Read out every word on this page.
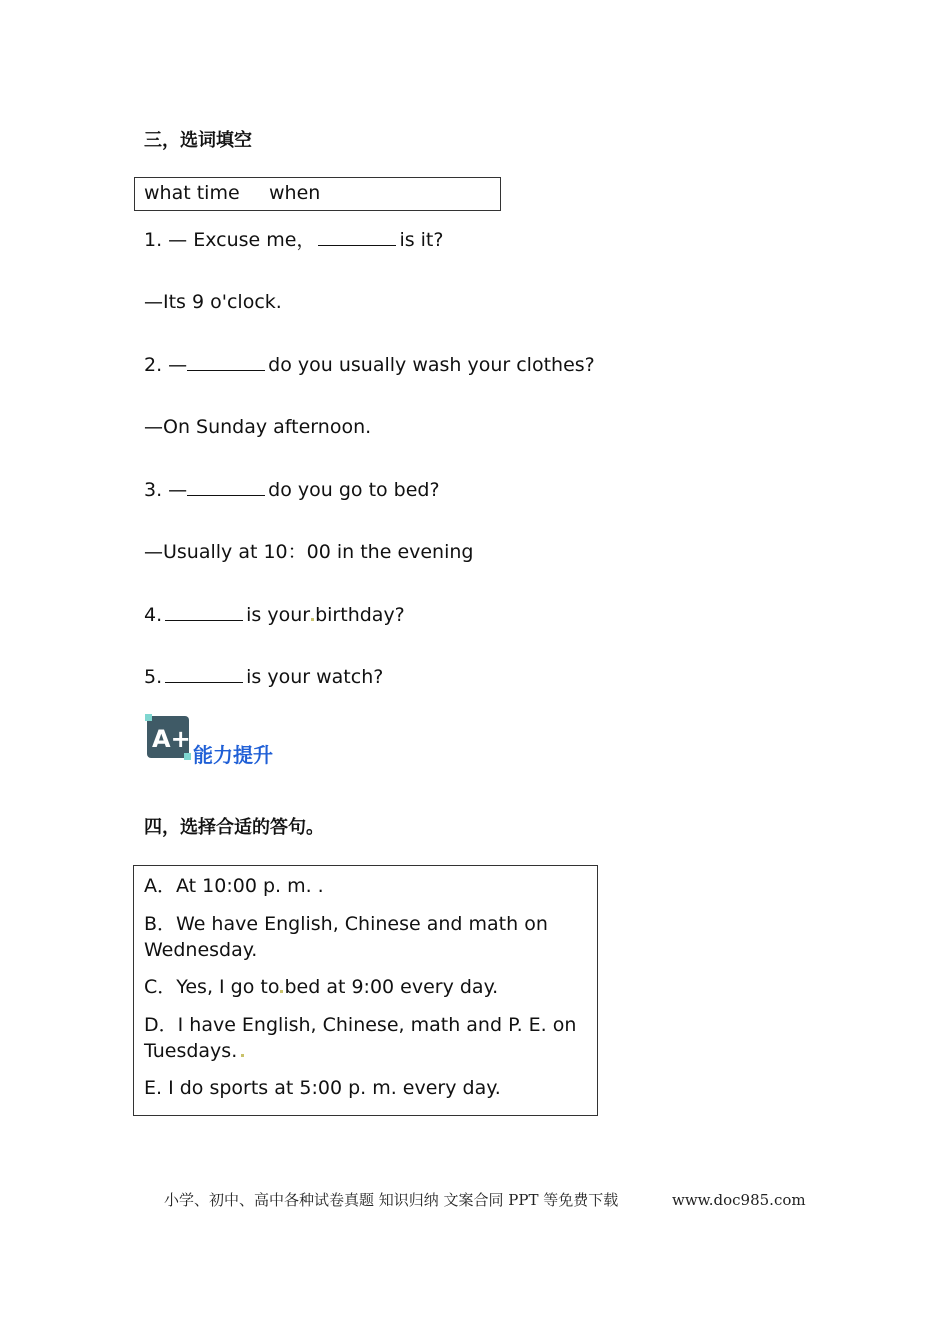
三，选词填空
what time when
1. — Excuse me，	is it?
—Its 9 o'clock.
2. —	do you usually wash your clothes?
—On Sunday afternoon.
3. —	do you go to bed?
—Usually at 10：00 in the evening
4.	is your birthday?
5.	is your watch?
A+
能力提升
四，选择合适的答句。
A．At 10:00 p. m. .
B．We have English, Chinese and math on Wednesday.
C．Yes, I go to bed at 9:00 every day.
D．I have English, Chinese, math and P. E. on Tuesdays.
E. I do sports at 5:00 p. m. every day.
小学、初中、高中各种试卷真题 知识归纳 文案合同 PPT 等免费下载	www.doc985.com
